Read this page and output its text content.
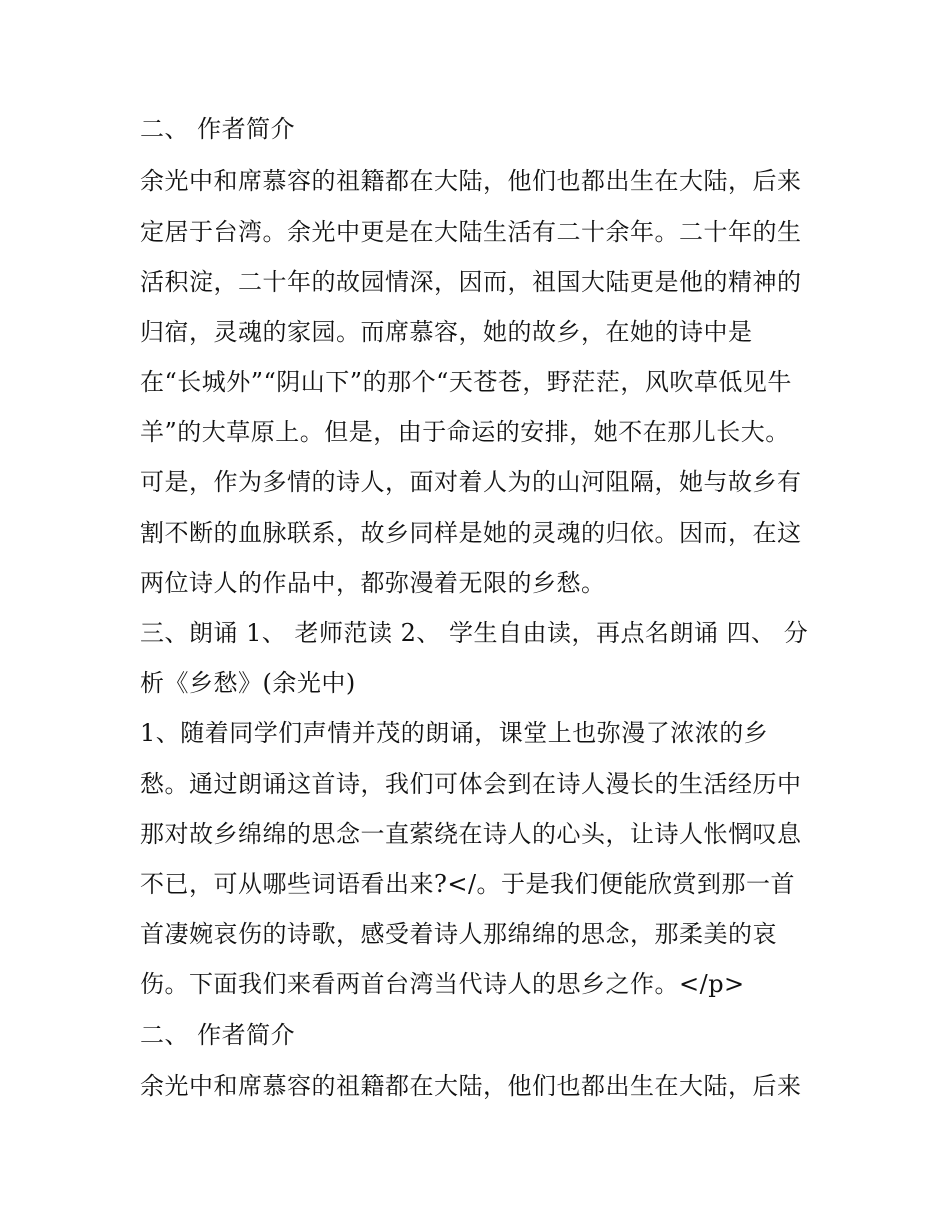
二、 作者简介
余光中和席慕容的祖籍都在大陆，他们也都出生在大陆，后来
定居于台湾。余光中更是在大陆生活有二十余年。二十年的生
活积淀，二十年的故园情深，因而，祖国大陆更是他的精神的
归宿，灵魂的家园。而席慕容，她的故乡，在她的诗中是
在“长城外”“阴山下”的那个“天苍苍，野茫茫，风吹草低见牛
羊”的大草原上。但是，由于命运的安排，她不在那儿长大。
可是，作为多情的诗人，面对着人为的山河阻隔，她与故乡有
割不断的血脉联系，故乡同样是她的灵魂的归依。因而，在这
两位诗人的作品中，都弥漫着无限的乡愁。
三、朗诵 1、 老师范读 2、 学生自由读，再点名朗诵 四、 分
析《乡愁》(余光中)
1、随着同学们声情并茂的朗诵，课堂上也弥漫了浓浓的乡
愁。通过朗诵这首诗，我们可体会到在诗人漫长的生活经历中
那对故乡绵绵的思念一直萦绕在诗人的心头，让诗人怅惘叹息
不已，可从哪些词语看出来?</。于是我们便能欣赏到那一首
首凄婉哀伤的诗歌，感受着诗人那绵绵的思念，那柔美的哀
伤。下面我们来看两首台湾当代诗人的思乡之作。</p>
二、 作者简介
余光中和席慕容的祖籍都在大陆，他们也都出生在大陆，后来
